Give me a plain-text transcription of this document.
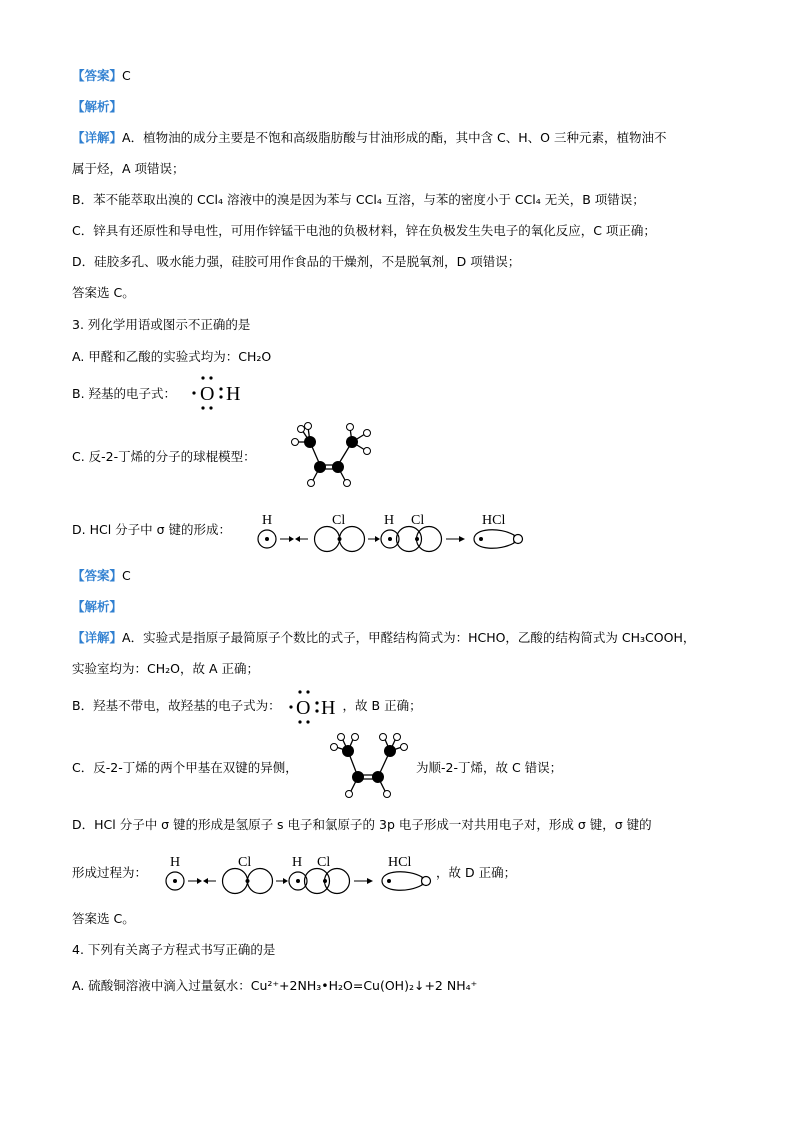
【答案】C
【解析】
【详解】A．植物油的成分主要是不饱和高级脂肪酸与甘油形成的酯，其中含 C、H、O 三种元素，植物油不
属于烃，A 项错误；
B．苯不能萃取出溴的 CCl₄ 溶液中的溴是因为苯与 CCl₄ 互溶，与苯的密度小于 CCl₄ 无关，B 项错误；
C．锌具有还原性和导电性，可用作锌锰干电池的负极材料，锌在负极发生失电子的氧化反应，C 项正确；
D．硅胶多孔、吸水能力强，硅胶可用作食品的干燥剂，不是脱氧剂，D 项错误；
答案选 C。
3. 列化学用语或图示不正确的是
A. 甲醛和乙酸的实验式均为：CH₂O
B. 羟基的电子式： O H
C. 反-2-丁烯的分子的球棍模型：
D. HCl 分子中 σ 键的形成：
H	Cl	H Cl	HCl
【答案】C
【解析】
【详解】A．实验式是指原子最简原子个数比的式子，甲醛结构简式为：HCHO，乙酸的结构简式为 CH₃COOH，
实验室均为：CH₂O，故 A 正确；
B．羟基不带电，故羟基的电子式为： O H ，故 B 正确；
C．反-2-丁烯的两个甲基在双键的异侧，	为顺-2-丁烯，故 C 错误；
D．HCl 分子中 σ 键的形成是氢原子 s 电子和氯原子的 3p 电子形成一对共用电子对，形成 σ 键，σ 键的
形成过程为：
H	Cl	H Cl	HCl
，故 D 正确；
答案选 C。
4. 下列有关离子方程式书写正确的是
A. 硫酸铜溶液中滴入过量氨水：Cu²⁺+2NH₃•H₂O=Cu(OH)₂↓+2 NH₄⁺
